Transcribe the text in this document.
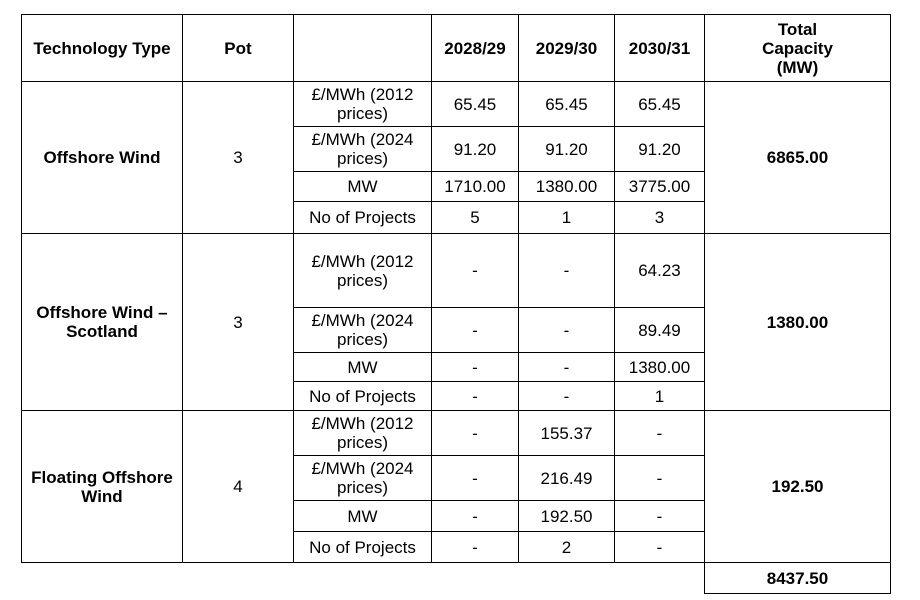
Technology Type	Pot		2028/29	2029/30	2030/31	Total Capacity (MW)
Offshore Wind	3	£/MWh (2012 prices)	65.45	65.45	65.45	6865.00
		£/MWh (2024 prices)	91.20	91.20	91.20	
		MW	1710.00	1380.00	3775.00	
		No of Projects	5	1	3	
Offshore Wind – Scotland	3	£/MWh (2012 prices)	-	-	64.23	1380.00
		£/MWh (2024 prices)	-	-	89.49	
		MW	-	-	1380.00	
		No of Projects	-	-	1	
Floating Offshore Wind	4	£/MWh (2012 prices)	-	155.37	-	192.50
		£/MWh (2024 prices)	-	216.49	-	
		MW	-	192.50	-	
		No of Projects	-	2	-	
						8437.50
